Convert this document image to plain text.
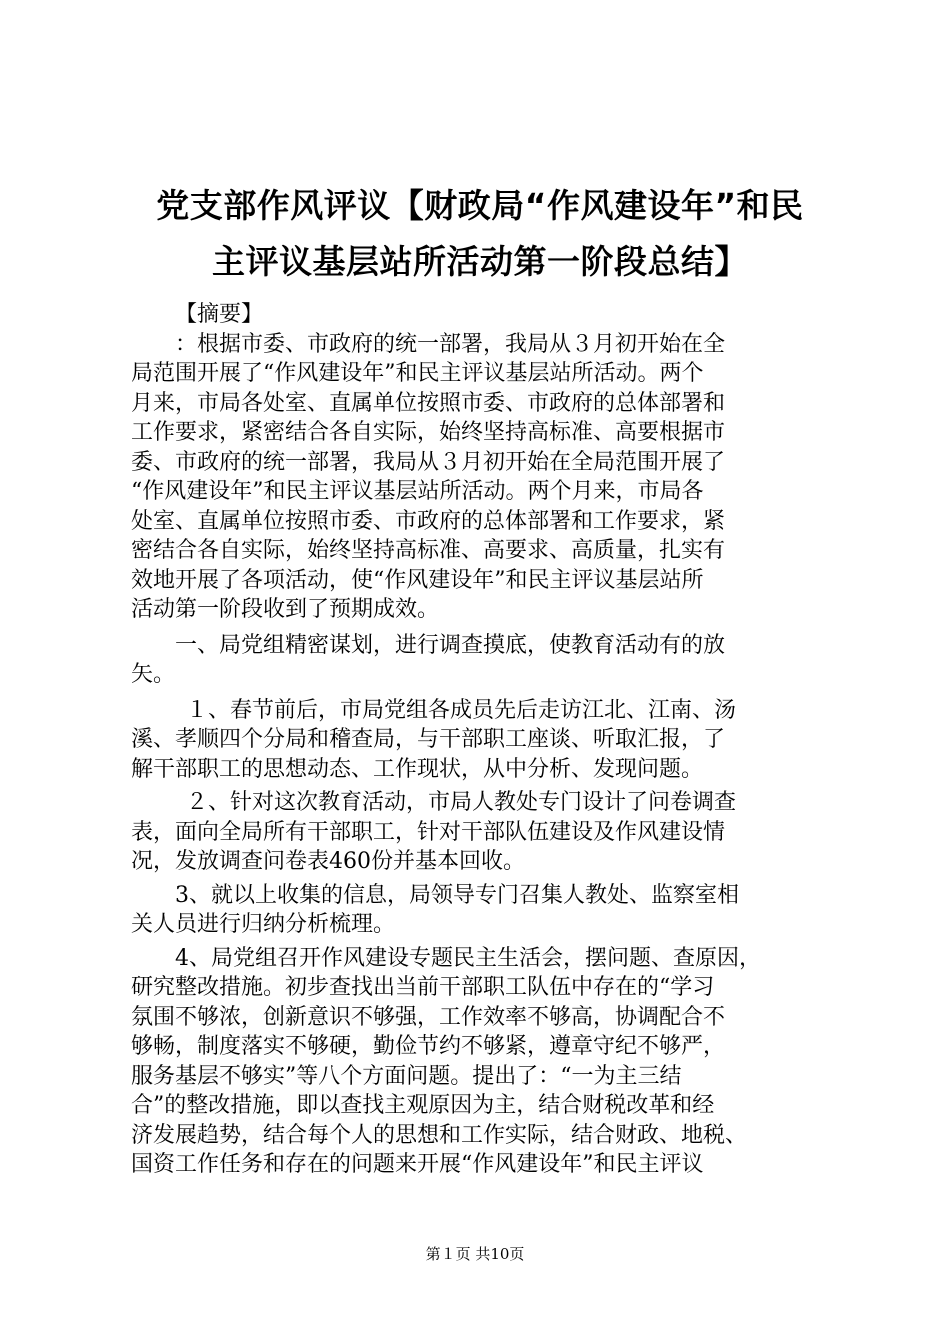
党支部作风评议【财政局“作风建设年”和民
主评议基层站所活动第一阶段总结】
【摘要】
：根据市委、市政府的统一部署，我局从３月初开始在全
局范围开展了“作风建设年”和民主评议基层站所活动。两个
月来，市局各处室、直属单位按照市委、市政府的总体部署和
工作要求，紧密结合各自实际，始终坚持高标准、高要根据市
委、市政府的统一部署，我局从３月初开始在全局范围开展了
“作风建设年”和民主评议基层站所活动。两个月来，市局各
处室、直属单位按照市委、市政府的总体部署和工作要求，紧
密结合各自实际，始终坚持高标准、高要求、高质量，扎实有
效地开展了各项活动，使“作风建设年”和民主评议基层站所
活动第一阶段收到了预期成效。
一、局党组精密谋划，进行调查摸底，使教育活动有的放
矢。
１、春节前后，市局党组各成员先后走访江北、江南、汤
溪、孝顺四个分局和稽查局，与干部职工座谈、听取汇报，了
解干部职工的思想动态、工作现状，从中分析、发现问题。
２、针对这次教育活动，市局人教处专门设计了问卷调查
表，面向全局所有干部职工，针对干部队伍建设及作风建设情
况，发放调查问卷表460份并基本回收。
3、就以上收集的信息，局领导专门召集人教处、监察室相
关人员进行归纳分析梳理。
4、局党组召开作风建设专题民主生活会，摆问题、查原因，
研究整改措施。初步查找出当前干部职工队伍中存在的“学习
氛围不够浓，创新意识不够强，工作效率不够高，协调配合不
够畅，制度落实不够硬，勤俭节约不够紧，遵章守纪不够严，
服务基层不够实”等八个方面问题。提出了：“一为主三结
合”的整改措施，即以查找主观原因为主，结合财税改革和经
济发展趋势，结合每个人的思想和工作实际，结合财政、地税、
国资工作任务和存在的问题来开展“作风建设年”和民主评议
第１页 共10页
